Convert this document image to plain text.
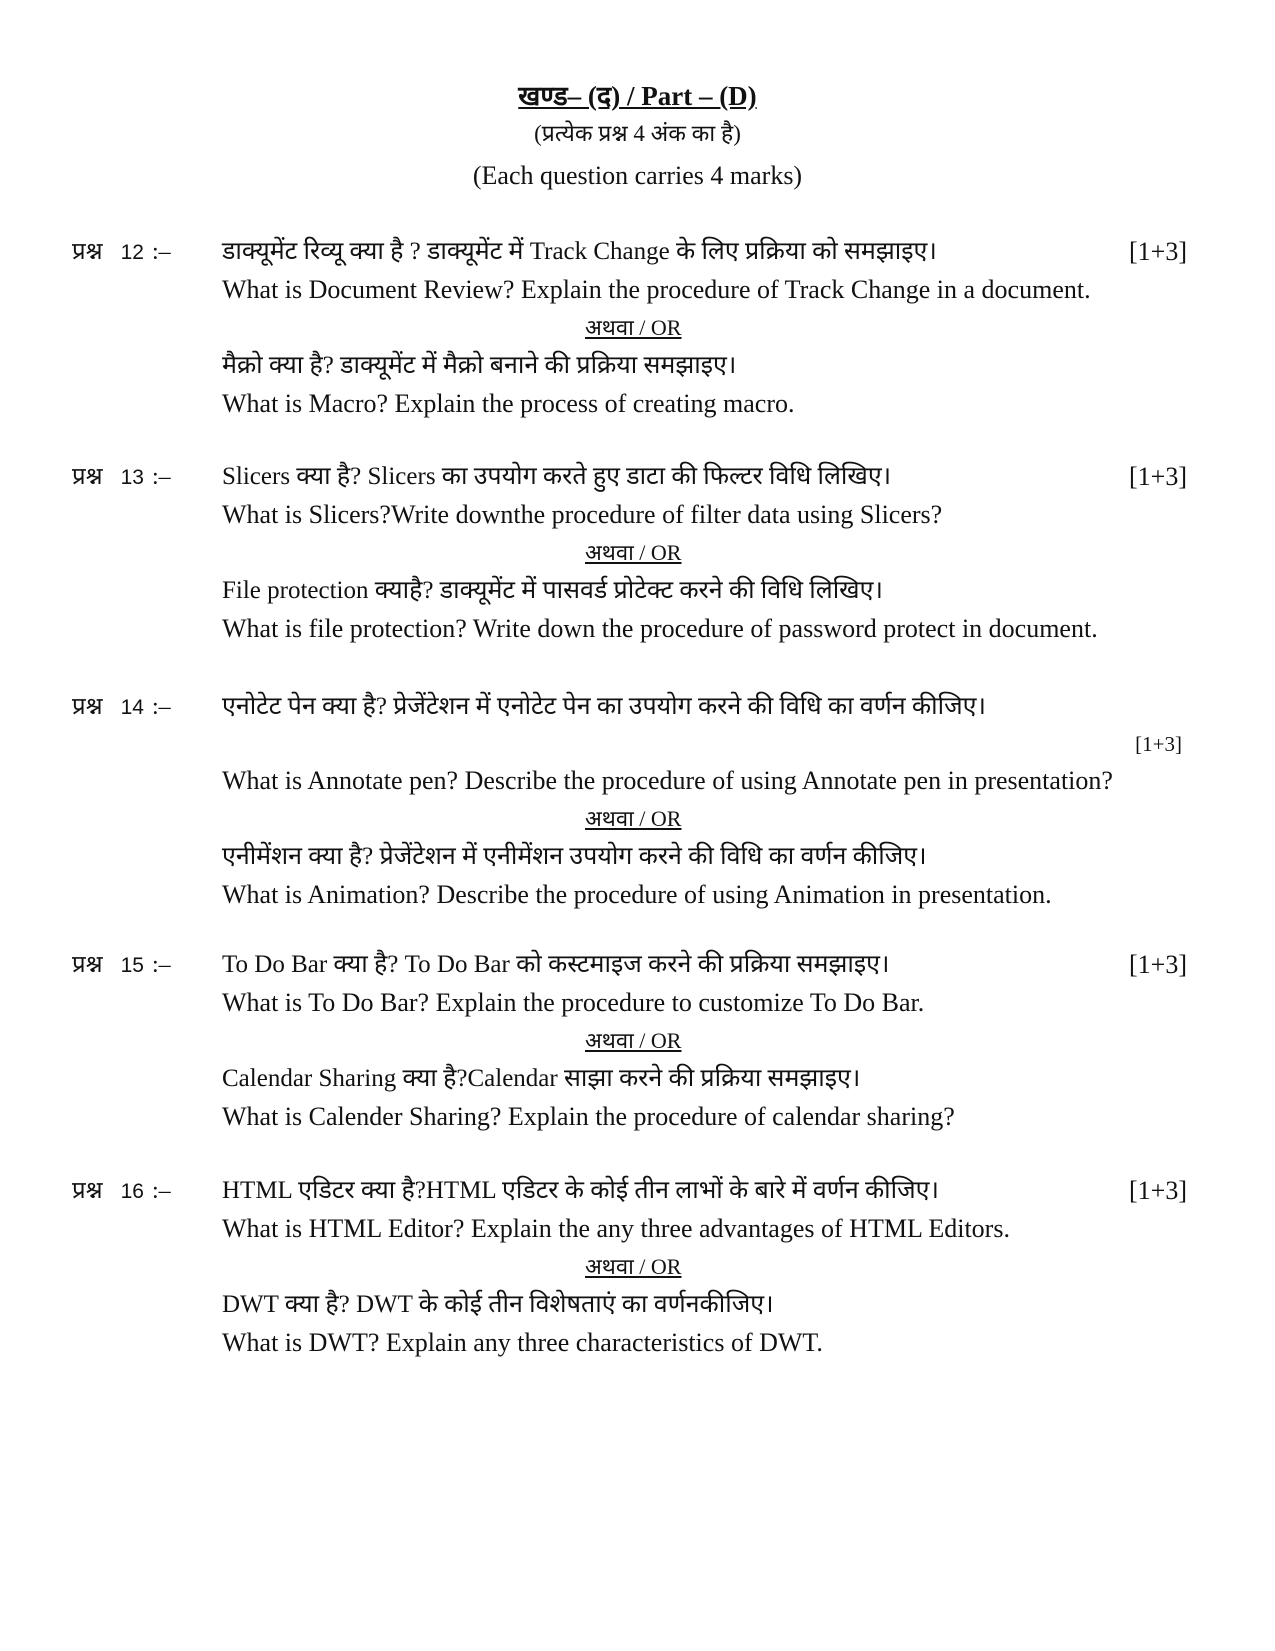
खण्ड– (द) / Part – (D)
(प्रत्येक प्रश्न 4 अंक का है)
(Each question carries 4 marks)
प्रश्न 12 :–	[1+3]
डाक्यूमेंट रिव्यू क्या है ? डाक्यूमेंट में Track Change के लिए प्रक्रिया को समझाइए।
What is Document Review? Explain the procedure of Track Change in a document.
अथवा / OR
मैक्रो क्या है? डाक्यूमेंट में मैक्रो बनाने की प्रक्रिया समझाइए।
What is Macro? Explain the process of creating macro.
प्रश्न 13 :–	[1+3]
Slicers क्या है? Slicers का उपयोग करते हुए डाटा की फिल्टर विधि लिखिए।
What is Slicers?Write downthe procedure of filter data using Slicers?
अथवा / OR
File protection क्याहै? डाक्यूमेंट में पासवर्ड प्रोटेक्ट करने की विधि लिखिए।
What is file protection? Write down the procedure of password protect in document.
प्रश्न 14 :– एनोटेट पेन क्या है? प्रेजेंटेशन में एनोटेट पेन का उपयोग करने की विधि का वर्णन कीजिए।
[1+3]
What is Annotate pen? Describe the procedure of using Annotate pen in presentation?
अथवा / OR
एनीमेंशन क्या है? प्रेजेंटेशन में एनीमेंशन उपयोग करने की विधि का वर्णन कीजिए।
What is Animation? Describe the procedure of using Animation in presentation.
प्रश्न 15 :–	[1+3]
To Do Bar क्या है? To Do Bar को कस्टमाइज करने की प्रक्रिया समझाइए।
What is To Do Bar? Explain the procedure to customize To Do Bar.
अथवा / OR
Calendar Sharing क्या है?Calendar साझा करने की प्रक्रिया समझाइए।
What is Calender Sharing? Explain the procedure of calendar sharing?
प्रश्न 16 :–	[1+3]
HTML एडिटर क्या है?HTML एडिटर के कोई तीन लाभों के बारे में वर्णन कीजिए।
What is HTML Editor? Explain the any three advantages of HTML Editors.
अथवा / OR
DWT क्या है? DWT के कोई तीन विशेषताएं का वर्णनकीजिए।
What is DWT? Explain any three characteristics of DWT.
